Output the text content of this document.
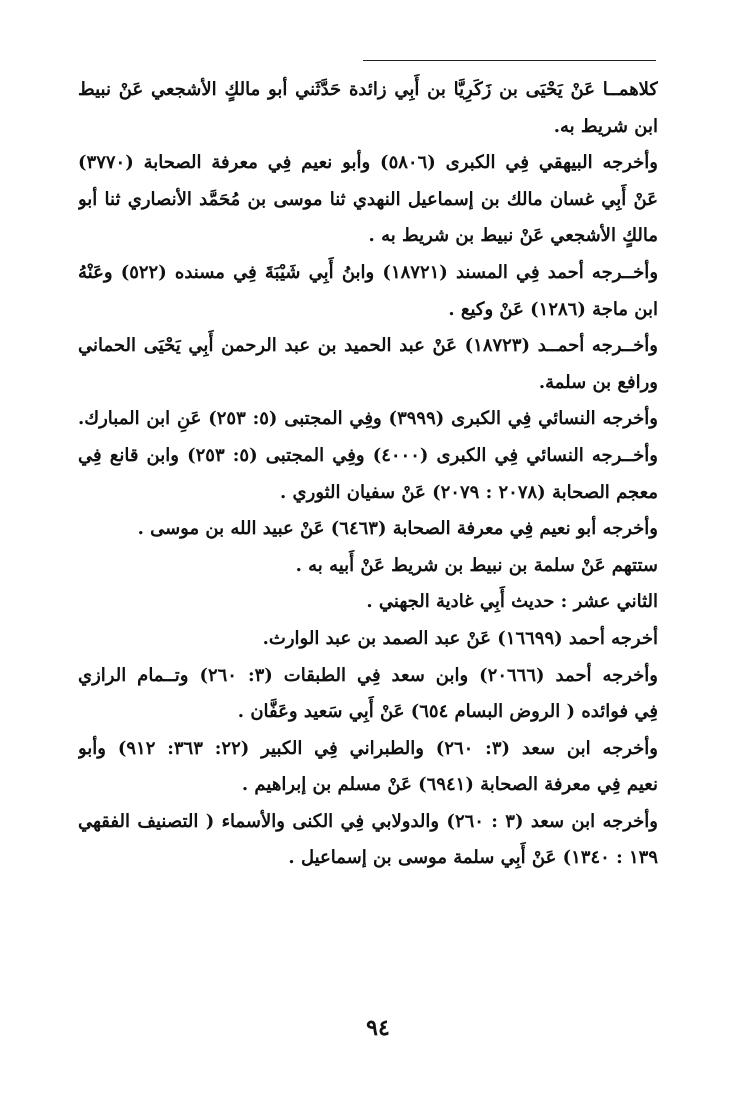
كلاهمــا عَنْ يَحْيَى بن زَكَرِيَّا بن أَبِي زائدة حَدَّثَني أبو مالكٍ الأشجعي عَنْ نبيط
ابن شريط به.
وأخرجه البيهقي فِي الكبرى (٥٨٠٦) وأبو نعيم فِي معرفة الصحابة (٣٧٧٠)
عَنْ أَبِي غسان مالك بن إسماعيل النهدي ثنا موسى بن مُحَمَّد الأنصاري ثنا أبو
مالكٍ الأشجعي عَنْ نبيط بن شريط به .
وأخــرجه أحمد فِي المسند (١٨٧٢١) وابنُ أَبِي شَيْبَةَ فِي مسنده (٥٢٢) وعَنْهُ
ابن ماجة (١٢٨٦) عَنْ وكيع .
وأخــرجه أحمــد (١٨٧٢٣) عَنْ عبد الحميد بن عبد الرحمن أَبِي يَحْيَى الحماني
ورافع بن سلمة.
وأخرجه النسائي فِي الكبرى (٣٩٩٩) وفِي المجتبى (٥: ٢٥٣) عَنِ ابن المبارك.
وأخــرجه النسائي فِي الكبرى (٤٠٠٠) وفِي المجتبى (٥: ٢٥٣) وابن قانع فِي
معجم الصحابة (٢٠٧٨ : ٢٠٧٩) عَنْ سفيان الثوري .
وأخرجه أبو نعيم فِي معرفة الصحابة (٦٤٦٣) عَنْ عبيد الله بن موسى .
ستتهم عَنْ سلمة بن نبيط بن شريط عَنْ أَبيه به .
الثاني عشر : حديث أَبِي غادية الجهني .
أخرجه أحمد (١٦٦٩٩) عَنْ عبد الصمد بن عبد الوارث.
وأخرجه أحمد (٢٠٦٦٦) وابن سعد فِي الطبقات (٣: ٢٦٠) وتــمام الرازي
فِي فوائده ( الروض البسام ٦٥٤) عَنْ أَبِي سَعيد وعَفَّان .
وأخرجه ابن سعد (٣: ٢٦٠) والطبراني فِي الكبير (٢٢: ٣٦٣: ٩١٢) وأبو
نعيم فِي معرفة الصحابة (٦٩٤١) عَنْ مسلم بن إبراهيم .
وأخرجه ابن سعد (٣ : ٢٦٠) والدولابي فِي الكنى والأسماء ( التصنيف الفقهي
١٣٩ : ١٣٤٠) عَنْ أَبِي سلمة موسى بن إسماعيل .
٩٤
